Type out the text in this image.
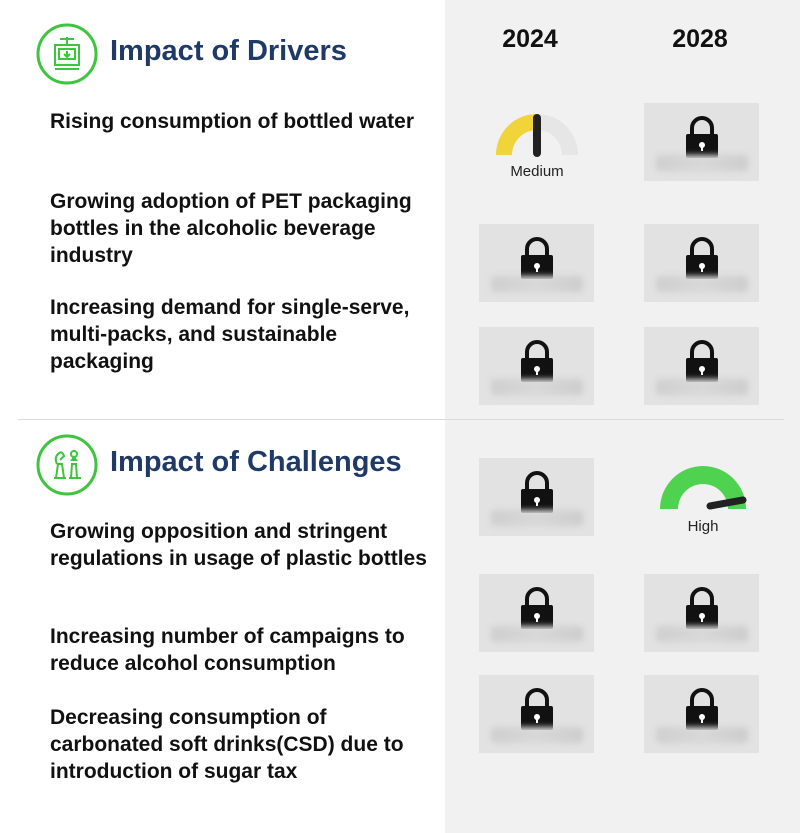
2024	2028
Impact of Drivers
Rising consumption of bottled water
Growing adoption of PET packaging bottles in the alcoholic beverage industry
Increasing demand for single-serve, multi-packs, and sustainable packaging
Medium
Impact of Challenges
Growing opposition and stringent regulations in usage of plastic bottles
Increasing number of campaigns to reduce alcohol consumption
Decreasing consumption of carbonated soft drinks(CSD) due to introduction of sugar tax
High
